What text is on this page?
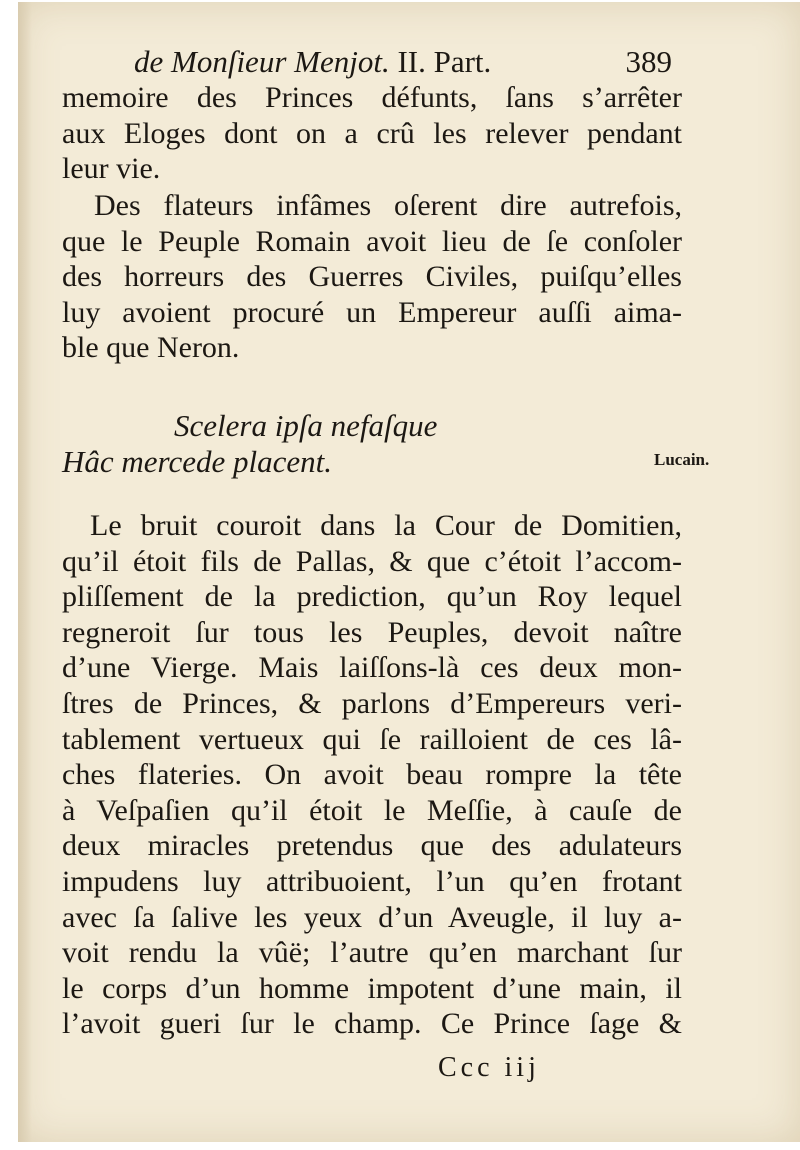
de Monſieur Menjot. II. Part.	389
memoire des Princes défunts, ſans s’arrêter
aux Eloges dont on a crû les relever pendant
leur vie.
Des flateurs infâmes oſerent dire autrefois,
que le Peuple Romain avoit lieu de ſe conſoler
des horreurs des Guerres Civiles, puiſqu’elles
luy avoient procuré un Empereur auſſi aima-
ble que Neron.
Scelera ipſa nefaſque
Hâc mercede placent.	Lucain.
Le bruit couroit dans la Cour de Domitien,
qu’il étoit fils de Pallas, & que c’étoit l’accom-
pliſſement de la prediction, qu’un Roy lequel
regneroit ſur tous les Peuples, devoit naître
d’une Vierge. Mais laiſſons-là ces deux mon-
ſtres de Princes, & parlons d’Empereurs veri-
tablement vertueux qui ſe railloient de ces lâ-
ches flateries. On avoit beau rompre la tête
à Veſpaſien qu’il étoit le Meſſie, à cauſe de
deux miracles pretendus que des adulateurs
impudens luy attribuoient, l’un qu’en frotant
avec ſa ſalive les yeux d’un Aveugle, il luy a-
voit rendu la vûë; l’autre qu’en marchant ſur
le corps d’un homme impotent d’une main, il
l’avoit gueri ſur le champ. Ce Prince ſage &
Ccc iij
